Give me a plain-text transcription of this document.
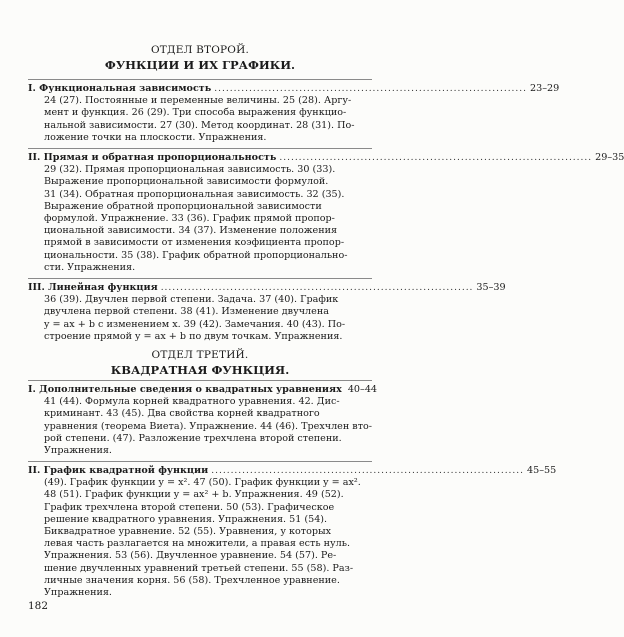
ОТДЕЛ ВТОРОЙ.
ФУНКЦИИ И ИХ ГРАФИКИ.
I. Функциональная зависимость ................................................................................. 23–29

24 (27). Постоянные и переменные величины. 25 (28). Аргу-

мент и функция. 26 (29). Три способа выражения функцио-

нальной зависимости. 27 (30). Метод координат. 28 (31). По-

ложение точки на плоскости. Упражнения.

II. Прямая и обратная пропорциональность ................................................................................. 29–35

29 (32). Прямая пропорциональная зависимость. 30 (33).

Выражение пропорциональной зависимости формулой.

31 (34). Обратная пропорциональная зависимость. 32 (35).

Выражение обратной пропорциональной зависимости

формулой. Упражнение. 33 (36). График прямой пропор-

циональной зависимости. 34 (37). Изменение положения

прямой в зависимости от изменения коэфициента пропор-

циональности. 35 (38). График обратной пропорционально-

сти. Упражнения.

III. Линейная функция ................................................................................. 35–39

36 (39). Двучлен первой степени. Задача. 37 (40). График

двучлена первой степени. 38 (41). Изменение двучлена

y = ax + b с изменением x. 39 (42). Замечания. 40 (43). По-

строение прямой y = ax + b по двум точкам. Упражнения.

ОТДЕЛ ТРЕТИЙ.
КВАДРАТНАЯ ФУНКЦИЯ.
I. Дополнительные сведения о квадратных уравнениях 40–44

41 (44). Формула корней квадратного уравнения. 42. Дис-

криминант. 43 (45). Два свойства корней квадратного

уравнения (теорема Виета). Упражнение. 44 (46). Трехчлен вто-

рой степени. (47). Разложение трехчлена второй степени.

Упражнения.

II. График квадратной функции ................................................................................. 45–55

(49). График функции y = x². 47 (50). График функции y = ax².

48 (51). График функции y = ax² + b. Упражнения. 49 (52).

График трехчлена второй степени. 50 (53). Графическое

решение квадратного уравнения. Упражнения. 51 (54).

Биквадратное уравнение. 52 (55). Уравнения, у которых

левая часть разлагается на множители, а правая есть нуль.

Упражнения. 53 (56). Двучленное уравнение. 54 (57). Ре-

шение двучленных уравнений третьей степени. 55 (58). Раз-

личные значения корня. 56 (58). Трехчленное уравнение.

Упражнения.

182
